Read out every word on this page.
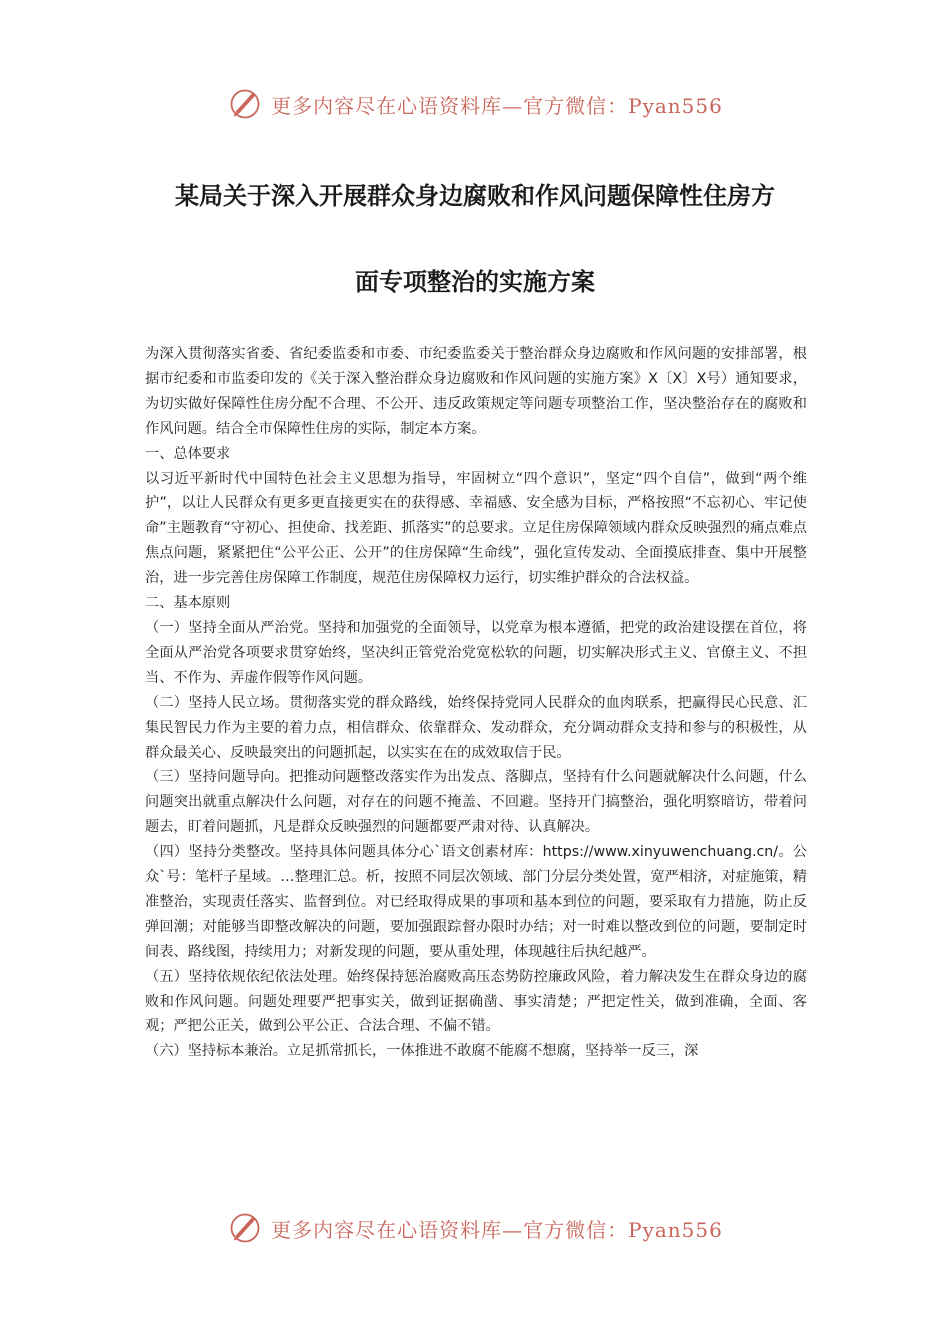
更多内容尽在心语资料库—官方微信：Pyan556
某局关于深入开展群众身边腐败和作风问题保障性住房方
面专项整治的实施方案

为深入贯彻落实省委、省纪委监委和市委、市纪委监委关于整治群众身边腐败和作风问题的安排部署，根据市纪委和市监委印发的《关于深入整治群众身边腐败和作风问题的实施方案》X〔X〕X号）通知要求，为切实做好保障性住房分配不合理、不公开、违反政策规定等问题专项整治工作，坚决整治存在的腐败和作风问题。结合全市保障性住房的实际，制定本方案。

一、总体要求

以习近平新时代中国特色社会主义思想为指导，牢固树立“四个意识”，坚定“四个自信”，做到“两个维护”，以让人民群众有更多更直接更实在的获得感、幸福感、安全感为目标，严格按照“不忘初心、牢记使命”主题教育“守初心、担使命、找差距、抓落实”的总要求。立足住房保障领域内群众反映强烈的痛点难点焦点问题，紧紧把住“公平公正、公开”的住房保障“生命线”，强化宣传发动、全面摸底排查、集中开展整治，进一步完善住房保障工作制度，规范住房保障权力运行，切实维护群众的合法权益。

二、基本原则

（一）坚持全面从严治党。坚持和加强党的全面领导，以党章为根本遵循，把党的政治建设摆在首位，将全面从严治党各项要求贯穿始终，坚决纠正管党治党宽松软的问题，切实解决形式主义、官僚主义、不担当、不作为、弄虚作假等作风问题。

（二）坚持人民立场。贯彻落实党的群众路线，始终保持党同人民群众的血肉联系，把赢得民心民意、汇集民智民力作为主要的着力点，相信群众、依靠群众、发动群众，充分调动群众支持和参与的积极性，从群众最关心、反映最突出的问题抓起，以实实在在的成效取信于民。

（三）坚持问题导向。把推动问题整改落实作为出发点、落脚点，坚持有什么问题就解决什么问题，什么问题突出就重点解决什么问题，对存在的问题不掩盖、不回避。坚持开门搞整治，强化明察暗访，带着问题去，盯着问题抓，凡是群众反映强烈的问题都要严肃对待、认真解决。

（四）坚持分类整改。坚持具体问题具体分心`语文创素材库：https://www.xinyuwenchuang.cn/。公众`号：笔杆子星域。…整理汇总。析，按照不同层次领域、部门分层分类处置，宽严相济，对症施策，精准整治，实现责任落实、监督到位。对已经取得成果的事项和基本到位的问题，要采取有力措施，防止反弹回潮；对能够当即整改解决的问题，要加强跟踪督办限时办结；对一时难以整改到位的问题，要制定时间表、路线图，持续用力；对新发现的问题，要从重处理，体现越往后执纪越严。

（五）坚持依规依纪依法处理。始终保持惩治腐败高压态势防控廉政风险，着力解决发生在群众身边的腐败和作风问题。问题处理要严把事实关，做到证据确凿、事实清楚；严把定性关，做到准确，全面、客观；严把公正关，做到公平公正、合法合理、不偏不错。

（六）坚持标本兼治。立足抓常抓长，一体推进不敢腐不能腐不想腐，坚持举一反三，深

更多内容尽在心语资料库—官方微信：Pyan556
